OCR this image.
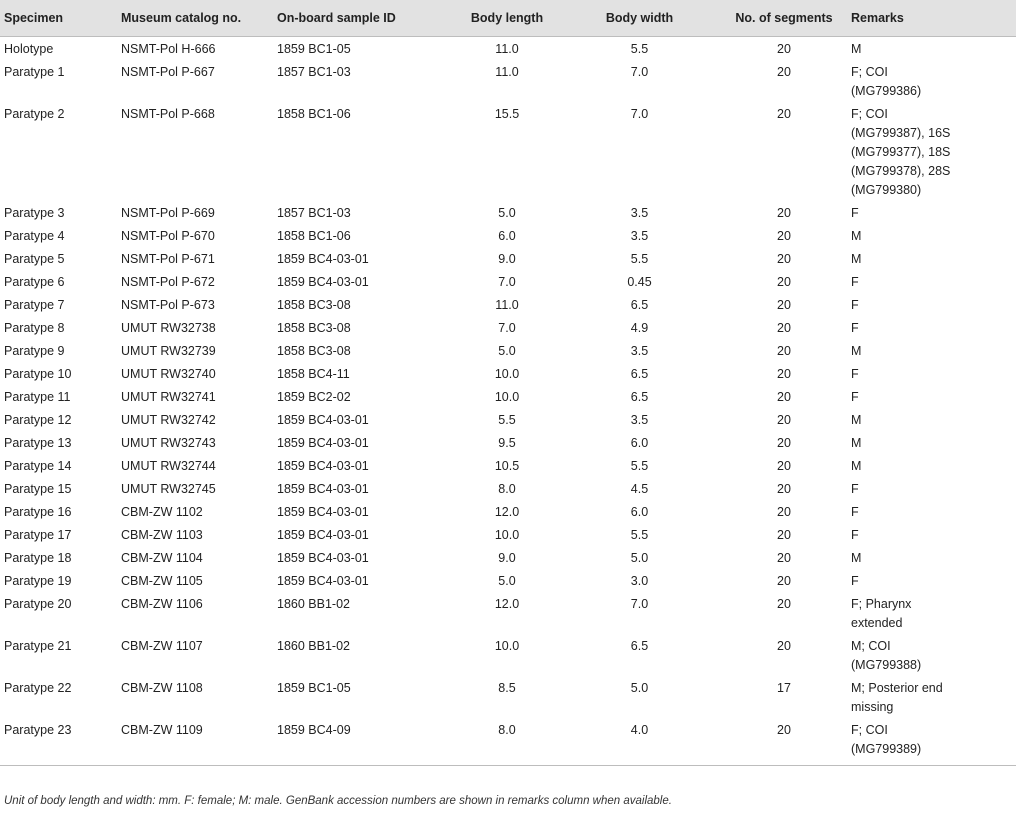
Specimen	Museum catalog no.	On-board sample ID	Body length	Body width	No. of segments	Remarks
Holotype	NSMT-Pol H-666	1859 BC1-05	11.0	5.5	20	M
Paratype 1	NSMT-Pol P-667	1857 BC1-03	11.0	7.0	20	F; COI
(MG799386)
Paratype 2	NSMT-Pol P-668	1858 BC1-06	15.5	7.0	20	F; COI
(MG799387), 16S
(MG799377), 18S
(MG799378), 28S
(MG799380)
Paratype 3	NSMT-Pol P-669	1857 BC1-03	5.0	3.5	20	F
Paratype 4	NSMT-Pol P-670	1858 BC1-06	6.0	3.5	20	M
Paratype 5	NSMT-Pol P-671	1859 BC4-03-01	9.0	5.5	20	M
Paratype 6	NSMT-Pol P-672	1859 BC4-03-01	7.0	0.45	20	F
Paratype 7	NSMT-Pol P-673	1858 BC3-08	11.0	6.5	20	F
Paratype 8	UMUT RW32738	1858 BC3-08	7.0	4.9	20	F
Paratype 9	UMUT RW32739	1858 BC3-08	5.0	3.5	20	M
Paratype 10	UMUT RW32740	1858 BC4-11	10.0	6.5	20	F
Paratype 11	UMUT RW32741	1859 BC2-02	10.0	6.5	20	F
Paratype 12	UMUT RW32742	1859 BC4-03-01	5.5	3.5	20	M
Paratype 13	UMUT RW32743	1859 BC4-03-01	9.5	6.0	20	M
Paratype 14	UMUT RW32744	1859 BC4-03-01	10.5	5.5	20	M
Paratype 15	UMUT RW32745	1859 BC4-03-01	8.0	4.5	20	F
Paratype 16	CBM-ZW 1102	1859 BC4-03-01	12.0	6.0	20	F
Paratype 17	CBM-ZW 1103	1859 BC4-03-01	10.0	5.5	20	F
Paratype 18	CBM-ZW 1104	1859 BC4-03-01	9.0	5.0	20	M
Paratype 19	CBM-ZW 1105	1859 BC4-03-01	5.0	3.0	20	F
Paratype 20	CBM-ZW 1106	1860 BB1-02	12.0	7.0	20	F; Pharynx
extended
Paratype 21	CBM-ZW 1107	1860 BB1-02	10.0	6.5	20	M; COI
(MG799388)
Paratype 22	CBM-ZW 1108	1859 BC1-05	8.5	5.0	17	M; Posterior end
missing
Paratype 23	CBM-ZW 1109	1859 BC4-09	8.0	4.0	20	F; COI
(MG799389)
Unit of body length and width: mm. F: female; M: male. GenBank accession numbers are shown in remarks column when available.
